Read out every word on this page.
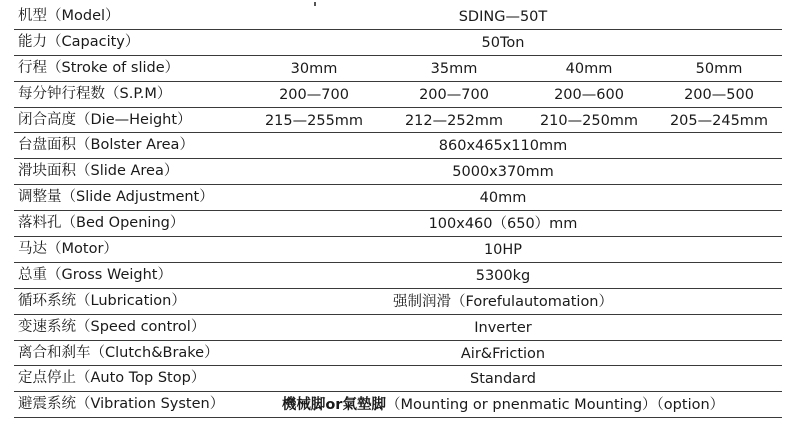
机型（Model）	SDING—50T
能力（Capacity）	50Ton
行程（Stroke of slide）	30mm	35mm	40mm	50mm
每分钟行程数（S.P.M）	200—700	200—700	200—600	200—500
闭合高度（Die—Height）	215—255mm	212—252mm	210—250mm	205—245mm
台盘面积（Bolster Area）	860x465x110mm
滑块面积（Slide Area）	5000x370mm
调整量（Slide Adjustment）	40mm
落料孔（Bed Opening）	100x460（650）mm
马达（Motor）	10HP
总重（Gross Weight）	5300kg
循环系统（Lubrication）	强制润滑（Forefulautomation）
变速系统（Speed control）	Inverter
离合和刹车（Clutch&Brake）	Air&Friction
定点停止（Auto Top Stop）	Standard
避震系统（Vibration Systen）	機械脚or氣墊脚（Mounting or pnenmatic Mounting）（option）
